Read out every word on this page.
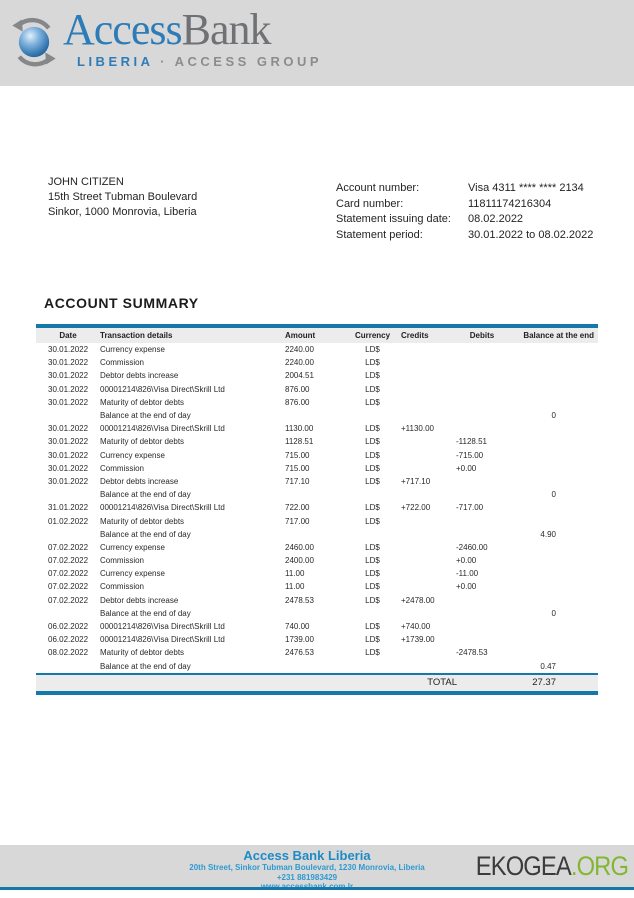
AccessBank
LIBERIA · ACCESS GROUP
JOHN CITIZEN
15th Street Tubman Boulevard
Sinkor, 1000 Monrovia, Liberia
Account number:	Visa 4311 **** **** 2134
Card number:	11811174216304
Statement issuing date:	08.02.2022
Statement period:	30.01.2022 to 08.02.2022
ACCOUNT SUMMARY
Date	Transaction details	Amount	Currency	Credits	Debits	Balance at the end
30.01.2022	Currency expense	2240.00	LD$			
30.01.2022	Commission	2240.00	LD$			
30.01.2022	Debtor debts increase	2004.51	LD$			
30.01.2022	00001214\826\Visa Direct\Skrill Ltd	876.00	LD$			
30.01.2022	Maturity of debtor debts	876.00	LD$			
	Balance at the end of day					0
30.01.2022	00001214\826\Visa Direct\Skrill Ltd	1130.00	LD$	+1130.00		
30.01.2022	Maturity of debtor debts	1128.51	LD$		-1128.51	
30.01.2022	Currency expense	715.00	LD$		-715.00	
30.01.2022	Commission	715.00	LD$		+0.00	
30.01.2022	Debtor debts increase	717.10	LD$	+717.10		
	Balance at the end of day					0
31.01.2022	00001214\826\Visa Direct\Skrill Ltd	722.00	LD$	+722.00	-717.00	
01.02.2022	Maturity of debtor debts	717.00	LD$			
	Balance at the end of day					4.90
07.02.2022	Currency expense	2460.00	LD$		-2460.00	
07.02.2022	Commission	2400.00	LD$		+0.00	
07.02.2022	Currency expense	11.00	LD$		-11.00	
07.02.2022	Commission	11.00	LD$		+0.00	
07.02.2022	Debtor debts increase	2478.53	LD$	+2478.00		
	Balance at the end of day					0
06.02.2022	00001214\826\Visa Direct\Skrill Ltd	740.00	LD$	+740.00		
06.02.2022	00001214\826\Visa Direct\Skrill Ltd	1739.00	LD$	+1739.00		
08.02.2022	Maturity of debtor debts	2476.53	LD$		-2478.53	
	Balance at the end of day					0.47
TOTAL	27.37
Access Bank Liberia
20th Street, Sinkor Tubman Boulevard, 1230 Monrovia, Liberia
+231 881983429	EKOGEA.ORG
